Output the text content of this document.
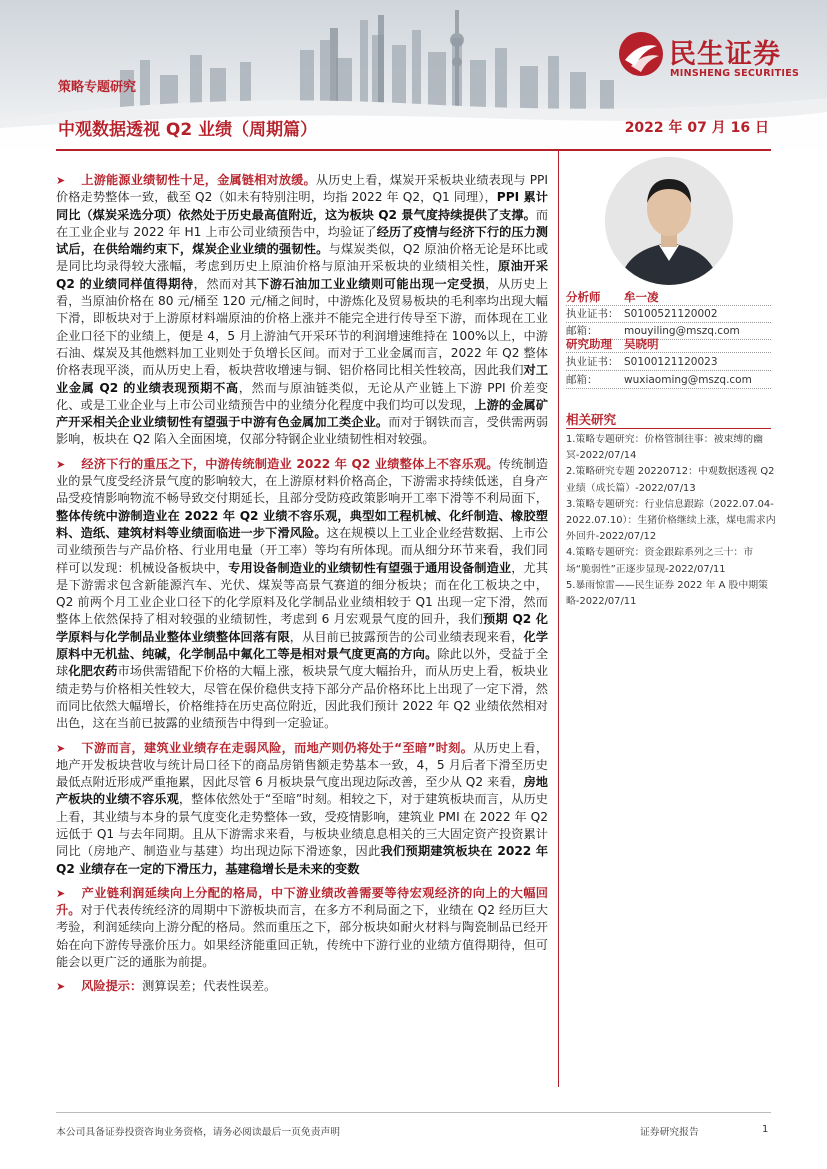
民生证券
MINSHENG SECURITIES
策略专题研究
中观数据透视 Q2 业绩（周期篇）	2022 年 07 月 16 日

➤ 上游能源业绩韧性十足，金属链相对放缓。从历史上看，煤炭开采板块业绩表现与 PPI 价格走势整体一致，截至 Q2（如未有特别注明，均指 2022 年 Q2，Q1 同理），PPI 累计同比（煤炭采选分项）依然处于历史最高值附近，这为板块 Q2 景气度持续提供了支撑。而在工业企业与 2022 年 H1 上市公司业绩预告中，均验证了经历了疫情与经济下行的压力测试后，在供给端约束下，煤炭企业业绩的强韧性。与煤炭类似，Q2 原油价格无论是环比或是同比均录得较大涨幅，考虑到历史上原油价格与原油开采板块的业绩相关性，原油开采 Q2 的业绩同样值得期待，然而对其下游石油加工业业绩则可能出现一定受损，从历史上看，当原油价格在 80 元/桶至 120 元/桶之间时，中游炼化及贸易板块的毛利率均出现大幅下滑，即板块对于上游原材料端原油的价格上涨并不能完全进行传导至下游，而体现在工业企业口径下的业绩上，便是 4，5 月上游油气开采环节的利润增速维持在 100%以上，中游石油、煤炭及其他燃料加工业则处于负增长区间。而对于工业金属而言，2022 年 Q2 整体价格表现平淡，而从历史上看，板块营收增速与铜、铝价格同比相关性较高，因此我们对工业金属 Q2 的业绩表现预期不高，然而与原油链类似，无论从产业链上下游 PPI 价差变化、或是工业企业与上市公司业绩预告中的业绩分化程度中我们均可以发现，上游的金属矿产开采相关企业业绩韧性有望强于中游有色金属加工类企业。而对于钢铁而言，受供需两弱影响，板块在 Q2 陷入全面困境，仅部分特钢企业业绩韧性相对较强。

➤ 经济下行的重压之下，中游传统制造业 2022 年 Q2 业绩整体上不容乐观。传统制造业的景气度受经济景气度的影响较大，在上游原材料价格高企，下游需求持续低迷，自身产品受疫情影响物流不畅导致交付期延长，且部分受防疫政策影响开工率下滑等不利局面下，整体传统中游制造业在 2022 年 Q2 业绩不容乐观，典型如工程机械、化纤制造、橡胶塑料、造纸、建筑材料等业绩面临进一步下滑风险。这在规模以上工业企业经营数据、上市公司业绩预告与产品价格、行业用电量（开工率）等均有所体现。而从细分环节来看，我们同样可以发现：机械设备板块中，专用设备制造业的业绩韧性有望强于通用设备制造业，尤其是下游需求包含新能源汽车、光伏、煤炭等高景气赛道的细分板块；而在化工板块之中，Q2 前两个月工业企业口径下的化学原料及化学制品业业绩相较于 Q1 出现一定下滑，然而整体上依然保持了相对较强的业绩韧性，考虑到 6 月宏观景气度的回升，我们预期 Q2 化学原料与化学制品业整体业绩整体回落有限，从目前已披露预告的公司业绩表现来看，化学原料中无机盐、纯碱，化学制品中氟化工等是相对景气度更高的方向。除此以外，受益于全球化肥农药市场供需错配下价格的大幅上涨，板块景气度大幅抬升，而从历史上看，板块业绩走势与价格相关性较大，尽管在保价稳供支持下部分产品价格环比上出现了一定下滑，然而同比依然大幅增长，价格维持在历史高位附近，因此我们预计 2022 年 Q2 业绩依然相对出色，这在当前已披露的业绩预告中得到一定验证。

➤ 下游而言，建筑业业绩存在走弱风险，而地产则仍将处于“至暗”时刻。从历史上看，地产开发板块营收与统计局口径下的商品房销售额走势基本一致，4，5 月后者下滑至历史最低点附近形成严重拖累，因此尽管 6 月板块景气度出现边际改善，至少从 Q2 来看，房地产板块的业绩不容乐观，整体依然处于“至暗”时刻。相较之下，对于建筑板块而言，从历史上看，其业绩与本身的景气度变化走势整体一致，受疫情影响，建筑业 PMI 在 2022 年 Q2 远低于 Q1 与去年同期。且从下游需求来看，与板块业绩息息相关的三大固定资产投资累计同比（房地产、制造业与基建）均出现边际下滑迹象，因此我们预期建筑板块在 2022 年 Q2 业绩存在一定的下滑压力，基建稳增长是未来的变数

➤ 产业链利润延续向上分配的格局，中下游业绩改善需要等待宏观经济的向上的大幅回升。对于代表传统经济的周期中下游板块而言，在多方不利局面之下，业绩在 Q2 经历巨大考验，利润延续向上游分配的格局。然而重压之下，部分板块如耐火材料与陶瓷制品已经开始在向下游传导涨价压力。如果经济能重回正轨，传统中下游行业的业绩方值得期待，但可能会以更广泛的通胀为前提。

➤ 风险提示：测算误差；代表性误差。

分析师 牟一凌
执业证书： S0100521120002
邮箱：	mouyiling@mszq.com
研究助理 吴晓明
执业证书： S0100121120023
邮箱：	wuxiaoming@mszq.com
相关研究
1.策略专题研究：价格管制往事：被束缚的幽冥-2022/07/14
2.策略研究专题 20220712：中观数据透视 Q2 业绩（成长篇）-2022/07/13
3.策略专题研究：行业信息跟踪（2022.07.04-2022.07.10）：生猪价格继续上涨，煤电需求内外回升-2022/07/12
4.策略专题研究：资金跟踪系列之三十：市场“脆弱性”正逐步显现-2022/07/11
5.暴雨惊雷——民生证券 2022 年 A 股中期策略-2022/07/11
本公司具备证券投资咨询业务资格，请务必阅读最后一页免责声明	证券研究报告	1
